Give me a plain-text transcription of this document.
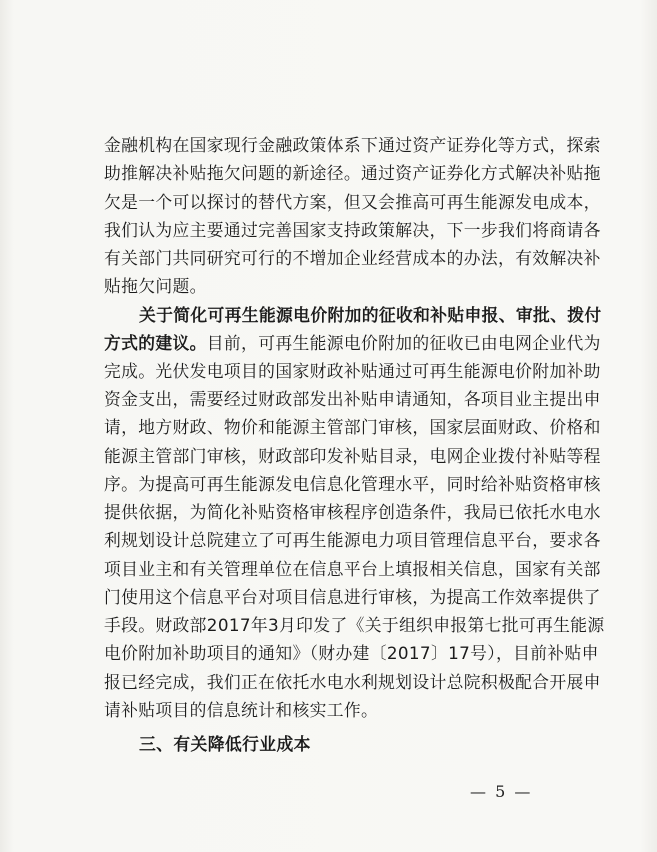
金融机构在国家现行金融政策体系下通过资产证券化等方式，探索
助推解决补贴拖欠问题的新途径。通过资产证券化方式解决补贴拖
欠是一个可以探讨的替代方案，但又会推高可再生能源发电成本，
我们认为应主要通过完善国家支持政策解决，下一步我们将商请各
有关部门共同研究可行的不增加企业经营成本的办法，有效解决补
贴拖欠问题。
关于简化可再生能源电价附加的征收和补贴申报、审批、拨付
方式的建议。目前，可再生能源电价附加的征收已由电网企业代为
完成。光伏发电项目的国家财政补贴通过可再生能源电价附加补助
资金支出，需要经过财政部发出补贴申请通知，各项目业主提出申
请，地方财政、物价和能源主管部门审核，国家层面财政、价格和
能源主管部门审核，财政部印发补贴目录，电网企业拨付补贴等程
序。为提高可再生能源发电信息化管理水平，同时给补贴资格审核
提供依据，为简化补贴资格审核程序创造条件，我局已依托水电水
利规划设计总院建立了可再生能源电力项目管理信息平台，要求各
项目业主和有关管理单位在信息平台上填报相关信息，国家有关部
门使用这个信息平台对项目信息进行审核，为提高工作效率提供了
手段。财政部2017年3月印发了《关于组织申报第七批可再生能源
电价附加补助项目的通知》（财办建〔2017〕17号），目前补贴申
报已经完成，我们正在依托水电水利规划设计总院积极配合开展申
请补贴项目的信息统计和核实工作。
三、有关降低行业成本
— 5 —
